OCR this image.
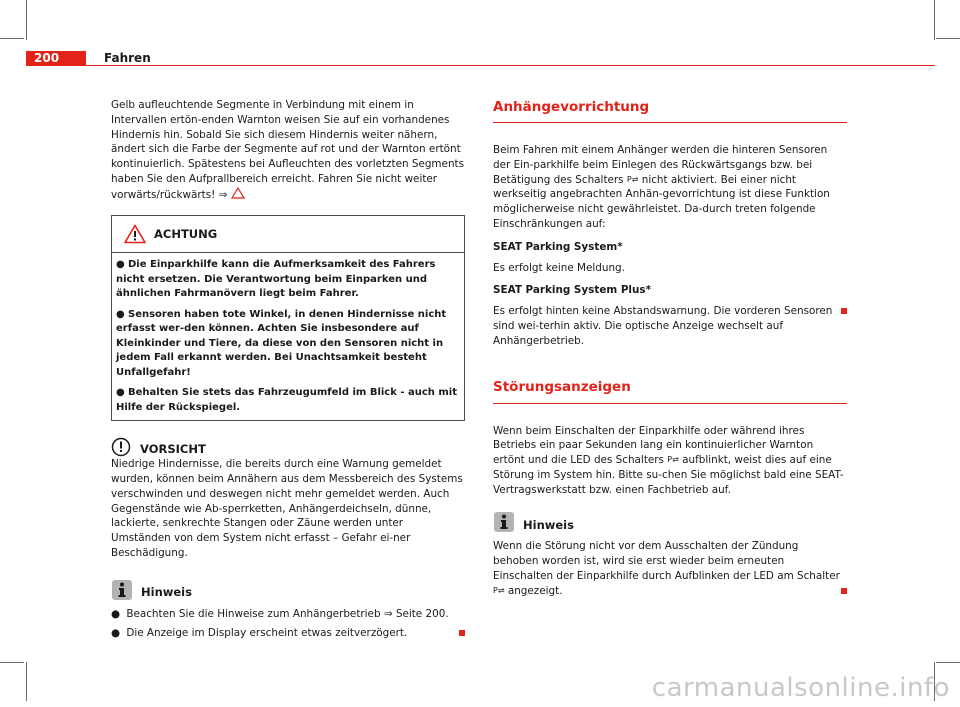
200	Fahren

Gelb aufleuchtende Segmente in Verbindung mit einem in Intervallen ertön-enden Warnton weisen Sie auf ein vorhandenes Hindernis hin. Sobald Sie sich diesem Hindernis weiter nähern, ändert sich die Farbe der Segmente auf rot und der Warnton ertönt kontinuierlich. Spätestens bei Aufleuchten des vorletzten Segments haben Sie den Aufprallbereich erreicht. Fahren Sie nicht weiter vorwärts/rückwärts! ⇒

ACHTUNG

● Die Einparkhilfe kann die Aufmerksamkeit des Fahrers nicht ersetzen. Die Verantwortung beim Einparken und ähnlichen Fahrmanövern liegt beim Fahrer.

● Sensoren haben tote Winkel, in denen Hindernisse nicht erfasst wer-den können. Achten Sie insbesondere auf Kleinkinder und Tiere, da diese von den Sensoren nicht in jedem Fall erkannt werden. Bei Unachtsamkeit besteht Unfallgefahr!

● Behalten Sie stets das Fahrzeugumfeld im Blick - auch mit Hilfe der Rückspiegel.

VORSICHT

Niedrige Hindernisse, die bereits durch eine Warnung gemeldet wurden, können beim Annähern aus dem Messbereich des Systems verschwinden und deswegen nicht mehr gemeldet werden. Auch Gegenstände wie Ab-sperrketten, Anhängerdeichseln, dünne, lackierte, senkrechte Stangen oder Zäune werden unter Umständen von dem System nicht erfasst – Gefahr ei-ner Beschädigung.

Hinweis

● Beachten Sie die Hinweise zum Anhängerbetrieb ⇒ Seite 200.

● Die Anzeige im Display erscheint etwas zeitverzögert.

Anhängevorrichtung

Beim Fahren mit einem Anhänger werden die hinteren Sensoren der Ein-parkhilfe beim Einlegen des Rückwärtsgangs bzw. bei Betätigung des Schalters P⇌ nicht aktiviert. Bei einer nicht werkseitig angebrachten Anhän-gevorrichtung ist diese Funktion möglicherweise nicht gewährleistet. Da-durch treten folgende Einschränkungen auf:

SEAT Parking System*

Es erfolgt keine Meldung.

SEAT Parking System Plus*

Es erfolgt hinten keine Abstandswarnung. Die vorderen Sensoren sind wei-terhin aktiv. Die optische Anzeige wechselt auf Anhängerbetrieb.

Störungsanzeigen

Wenn beim Einschalten der Einparkhilfe oder während ihres Betriebs ein paar Sekunden lang ein kontinuierlicher Warnton ertönt und die LED des Schalters P⇌ aufblinkt, weist dies auf eine Störung im System hin. Bitte su-chen Sie möglichst bald eine SEAT-Vertragswerkstatt bzw. einen Fachbetrieb auf.

Hinweis

Wenn die Störung nicht vor dem Ausschalten der Zündung behoben worden ist, wird sie erst wieder beim erneuten Einschalten der Einparkhilfe durch Aufblinken der LED am Schalter P⇌ angezeigt.

carmanualsonline.info
